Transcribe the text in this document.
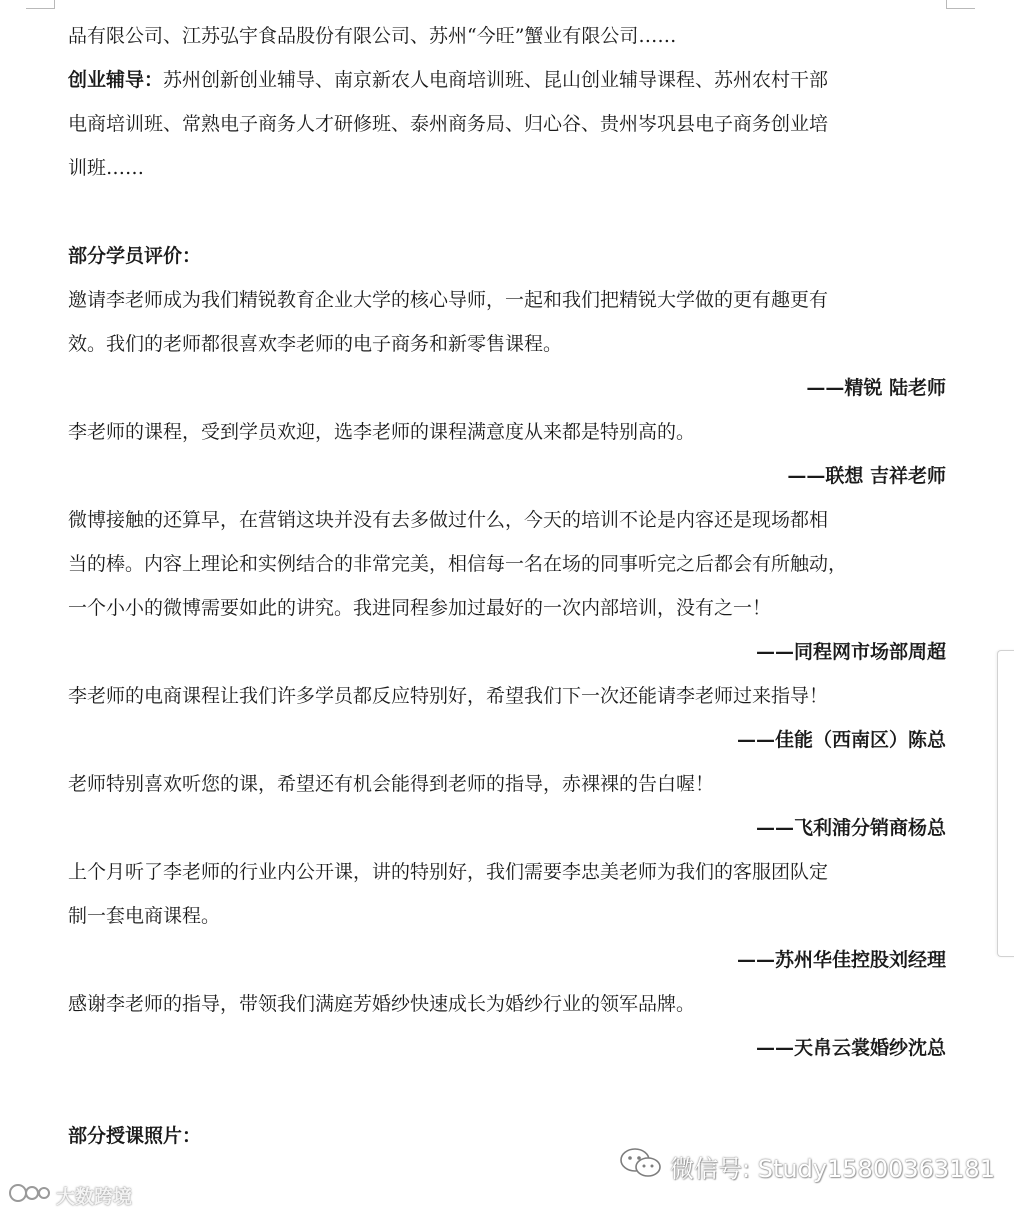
品有限公司、江苏弘宇食品股份有限公司、苏州“今旺”蟹业有限公司……
创业辅导：苏州创新创业辅导、南京新农人电商培训班、昆山创业辅导课程、苏州农村干部
电商培训班、常熟电子商务人才研修班、泰州商务局、归心谷、贵州岑巩县电子商务创业培
训班……
部分学员评价：
邀请李老师成为我们精锐教育企业大学的核心导师，一起和我们把精锐大学做的更有趣更有
效。我们的老师都很喜欢李老师的电子商务和新零售课程。
——精锐 陆老师
李老师的课程，受到学员欢迎，选李老师的课程满意度从来都是特别高的。
——联想 吉祥老师
微博接触的还算早，在营销这块并没有去多做过什么，今天的培训不论是内容还是现场都相
当的棒。内容上理论和实例结合的非常完美，相信每一名在场的同事听完之后都会有所触动，
一个小小的微博需要如此的讲究。我进同程参加过最好的一次内部培训，没有之一！
——同程网市场部周超
李老师的电商课程让我们许多学员都反应特别好，希望我们下一次还能请李老师过来指导！
——佳能（西南区）陈总
老师特别喜欢听您的课，希望还有机会能得到老师的指导，赤裸裸的告白喔！
——飞利浦分销商杨总
上个月听了李老师的行业内公开课，讲的特别好，我们需要李忠美老师为我们的客服团队定
制一套电商课程。
——苏州华佳控股刘经理
感谢李老师的指导，带领我们满庭芳婚纱快速成长为婚纱行业的领军品牌。
——天帛云裳婚纱沈总
部分授课照片：
大数跨境
微信号: Study15800363181
